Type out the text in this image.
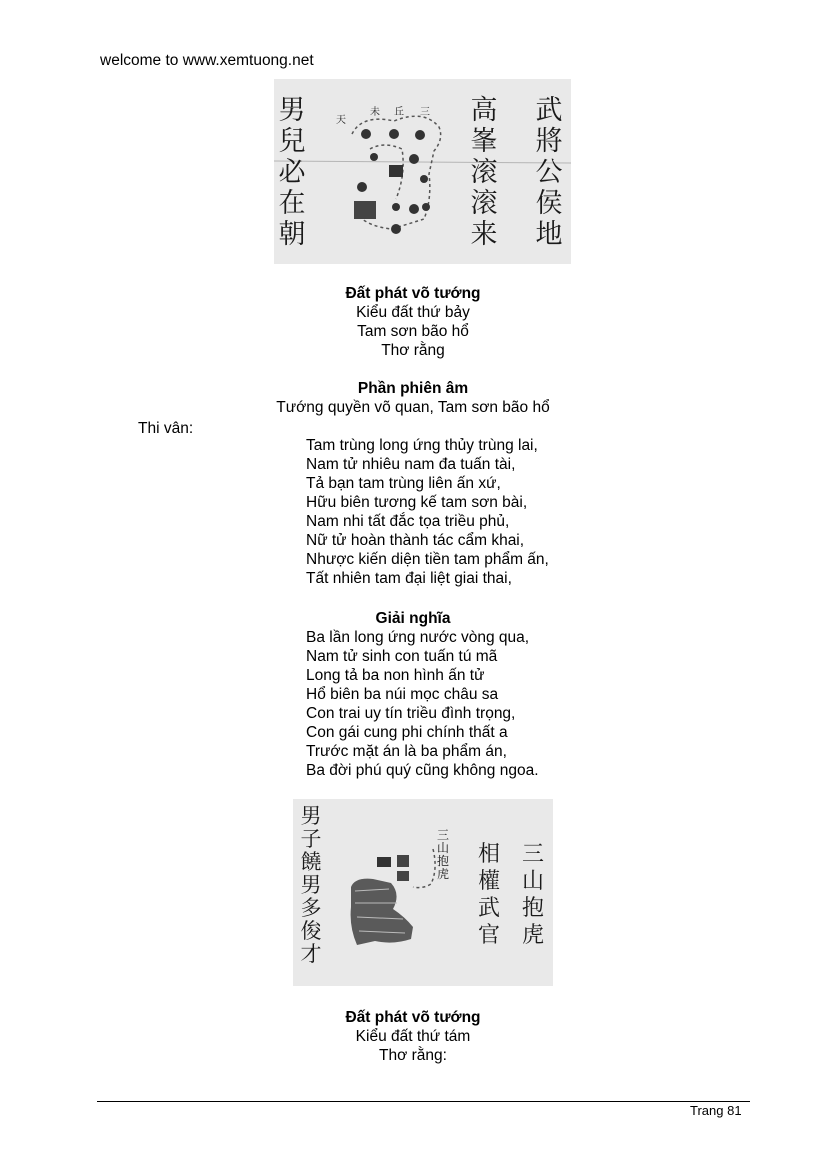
welcome to www.xemtuong.net
男兒必在朝
高峯滚滚来
武將公侯地
天
未 丘 三
Đất phát võ tướng
Kiểu đất thứ bảy
Tam sơn bão hổ
Thơ rằng
Phần phiên âm
Tướng quyền võ quan, Tam sơn bão hổ
Thi vân:
Tam trùng long ứng thủy trùng lai,
Nam tử nhiêu nam đa tuấn tài,
Tả bạn tam trùng liên ấn xứ,
Hữu biên tương kế tam sơn bài,
Nam nhi tất đắc tọa triều phủ,
Nữ tử hoàn thành tác cẩm khai,
Nhược kiến diện tiền tam phẩm ấn,
Tất nhiên tam đại liệt giai thai,
Giải nghĩa
Ba lần long ứng nước vòng qua,
Nam tử sinh con tuấn tú mã
Long tả ba non hình ấn tử
Hổ biên ba núi mọc châu sa
Con trai uy tín triều đình trọng,
Con gái cung phi chính thất a
Trước mặt án là ba phẩm án,
Ba đời phú quý cũng không ngoa.
男子饒男多俊才
三山抱虎
相權武官
三山抱虎
Đất phát võ tướng
Kiểu đất thứ tám
Thơ rằng:
Trang 81
